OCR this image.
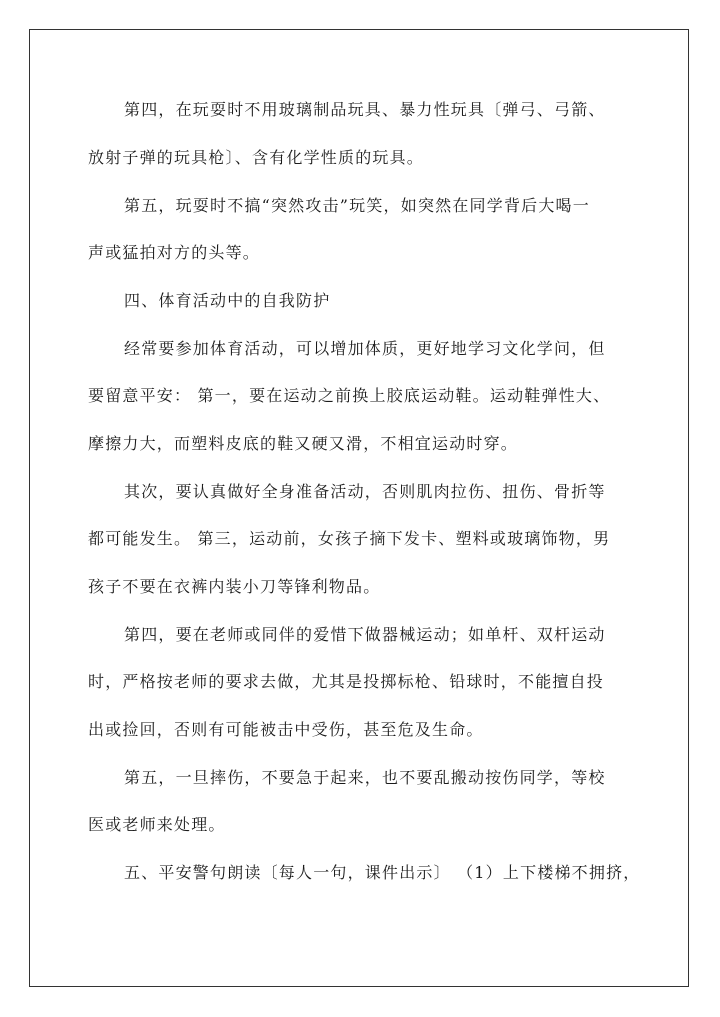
第四，在玩耍时不用玻璃制品玩具、暴力性玩具〔弹弓、弓箭、
放射子弹的玩具枪〕、含有化学性质的玩具。
第五，玩耍时不搞“突然攻击”玩笑，如突然在同学背后大喝一
声或猛拍对方的头等。
四、体育活动中的自我防护
经常要参加体育活动，可以增加体质，更好地学习文化学问，但
要留意平安： 第一，要在运动之前换上胶底运动鞋。运动鞋弹性大、
摩擦力大，而塑料皮底的鞋又硬又滑，不相宜运动时穿。
其次，要认真做好全身准备活动，否则肌肉拉伤、扭伤、骨折等
都可能发生。 第三，运动前，女孩子摘下发卡、塑料或玻璃饰物，男
孩子不要在衣裤内装小刀等锋利物品。
第四，要在老师或同伴的爱惜下做器械运动；如单杆、双杆运动
时，严格按老师的要求去做，尤其是投掷标枪、铅球时，不能擅自投
出或捡回，否则有可能被击中受伤，甚至危及生命。
第五，一旦摔伤，不要急于起来，也不要乱搬动按伤同学，等校
医或老师来处理。
五、平安警句朗读〔每人一句，课件出示〕 （1）上下楼梯不拥挤，
